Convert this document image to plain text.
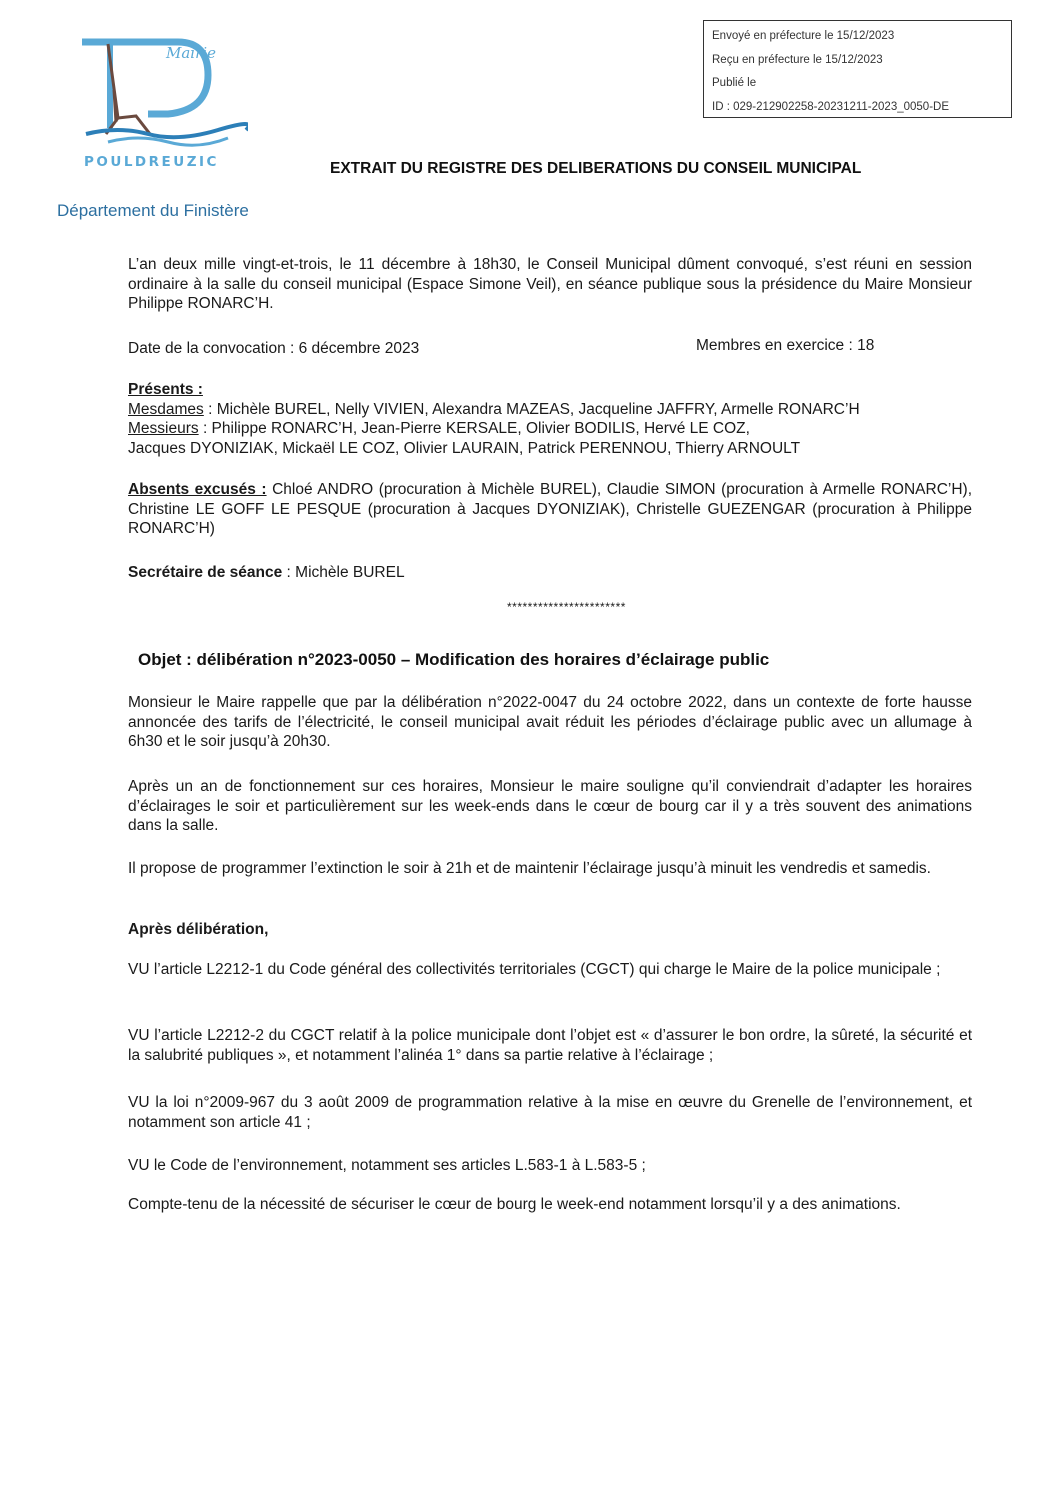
Envoyé en préfecture le 15/12/2023
Reçu en préfecture le 15/12/2023
Publié le
ID : 029-212902258-20231211-2023_0050-DE
Mairie
POULDREUZIC
Département du Finistère
EXTRAIT DU REGISTRE DES DELIBERATIONS DU CONSEIL MUNICIPAL
L’an deux mille vingt-et-trois, le 11 décembre à 18h30, le Conseil Municipal dûment convoqué, s’est réuni en session ordinaire à la salle du conseil municipal (Espace Simone Veil), en séance publique sous la présidence du Maire Monsieur Philippe RONARC’H.
Date de la convocation : 6 décembre 2023	Membres en exercice : 18
Présents :
Mesdames : Michèle BUREL, Nelly VIVIEN, Alexandra MAZEAS, Jacqueline JAFFRY, Armelle RONARC’H
Messieurs : Philippe RONARC’H, Jean-Pierre KERSALE, Olivier BODILIS, Hervé LE COZ,
Jacques DYONIZIAK, Mickaël LE COZ, Olivier LAURAIN, Patrick PERENNOU, Thierry ARNOULT
Absents excusés : Chloé ANDRO (procuration à Michèle BUREL), Claudie SIMON (procuration à Armelle RONARC’H), Christine LE GOFF LE PESQUE (procuration à Jacques DYONIZIAK), Christelle GUEZENGAR (procuration à Philippe RONARC’H)
Secrétaire de séance : Michèle BUREL
***********************
Objet : délibération n°2023-0050 – Modification des horaires d’éclairage public
Monsieur le Maire rappelle que par la délibération n°2022-0047 du 24 octobre 2022, dans un contexte de forte hausse annoncée des tarifs de l’électricité, le conseil municipal avait réduit les périodes d’éclairage public avec un allumage à 6h30 et le soir jusqu’à 20h30.
Après un an de fonctionnement sur ces horaires, Monsieur le maire souligne qu’il conviendrait d’adapter les horaires d’éclairages le soir et particulièrement sur les week-ends dans le cœur de bourg car il y a très souvent des animations dans la salle.
Il propose de programmer l’extinction le soir à 21h et de maintenir l’éclairage jusqu’à minuit les vendredis et samedis.
Après délibération,
VU l’article L2212-1 du Code général des collectivités territoriales (CGCT) qui charge le Maire de la police municipale ;
VU l’article L2212-2 du CGCT relatif à la police municipale dont l’objet est « d’assurer le bon ordre, la sûreté, la sécurité et la salubrité publiques », et notamment l’alinéa 1° dans sa partie relative à l’éclairage ;
VU la loi n°2009-967 du 3 août 2009 de programmation relative à la mise en œuvre du Grenelle de l’environnement, et notamment son article 41 ;
VU le Code de l’environnement, notamment ses articles L.583-1 à L.583-5 ;
Compte-tenu de la nécessité de sécuriser le cœur de bourg le week-end notamment lorsqu’il y a des animations.
